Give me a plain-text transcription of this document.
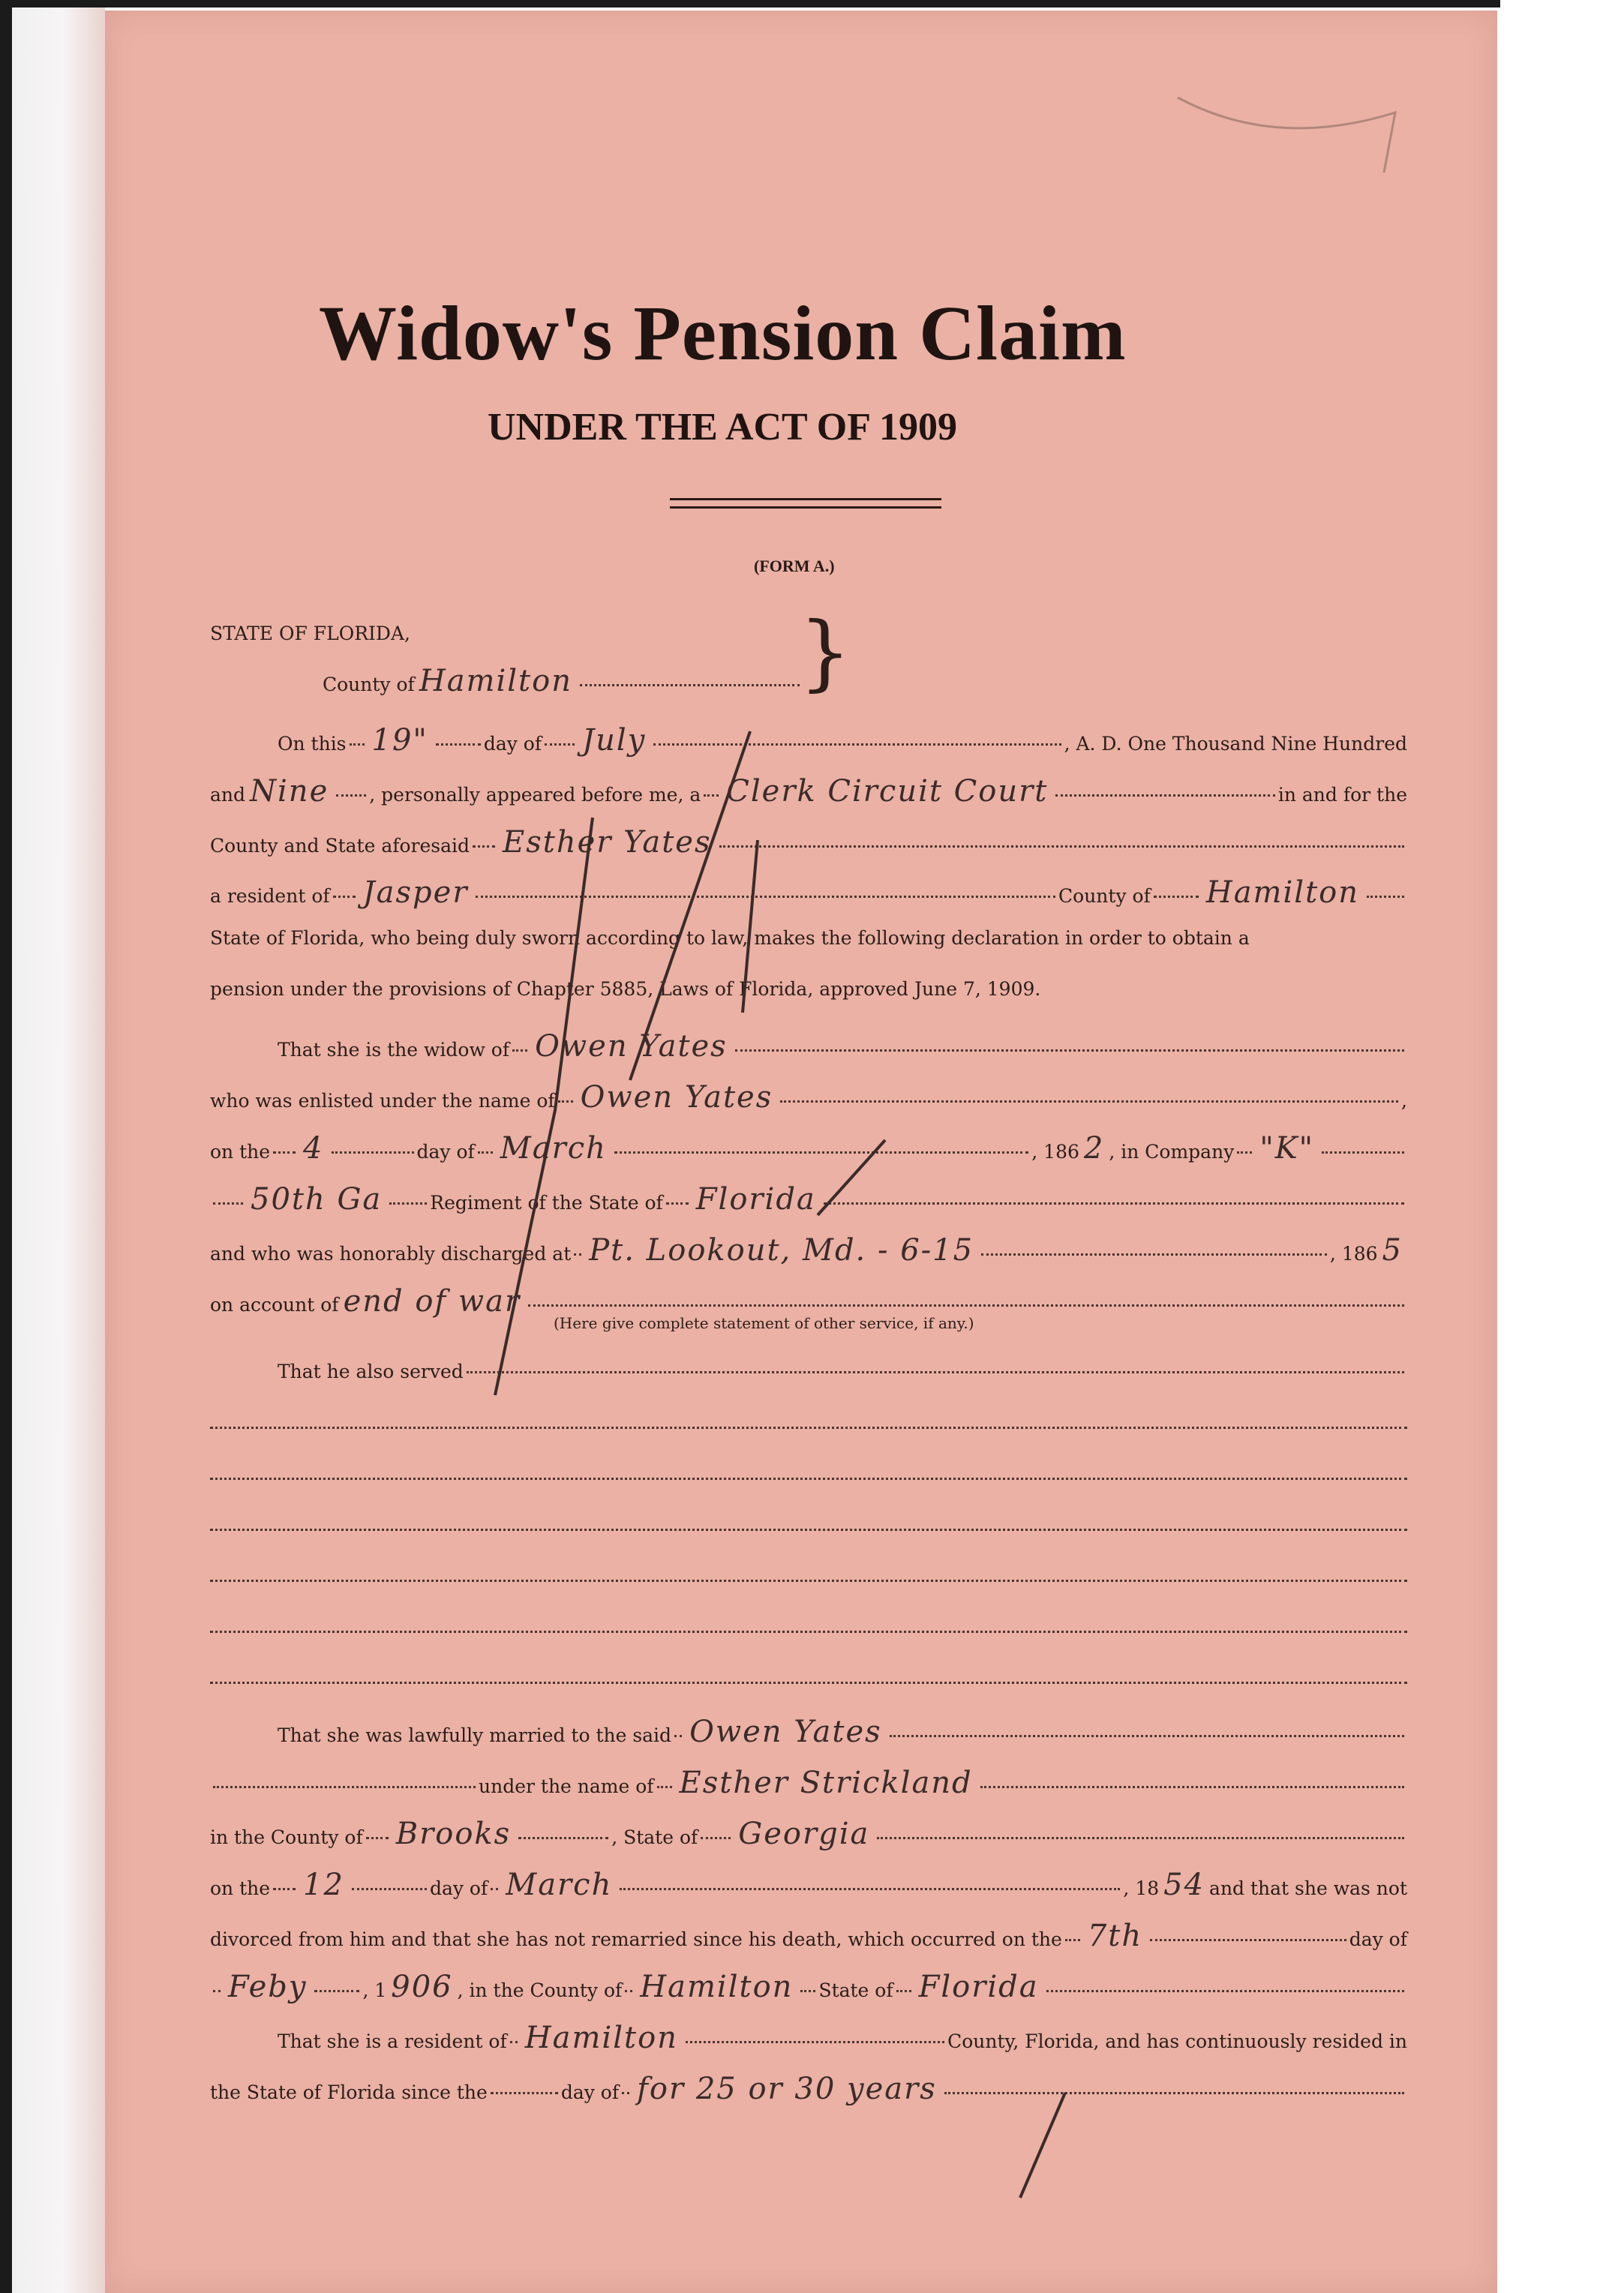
Widow's Pension Claim
UNDER THE ACT OF 1909
(FORM A.)
STATE OF FLORIDA,
County of Hamilton	}
On this 19"	day of July	, A. D. One Thousand Nine Hundred
and Nine , personally appeared before me, a Clerk Circuit Court	in and for the
County and State aforesaid Esther Yates
a resident of Jasper	County of Hamilton
State of Florida, who being duly sworn according to law, makes the following declaration in order to obtain a
pension under the provisions of Chapter 5885, Laws of Florida, approved June 7, 1909.
That she is the widow of Owen Yates
who was enlisted under the name of Owen Yates	,
on the 4	day of March	, 186 2 , in Company "K"
50th Ga	Regiment of the State of Florida
and who was honorably discharged at Pt. Lookout, Md. - 6-15	, 186 5
on account of end of war
(Here give complete statement of other service, if any.)
That he also served
That she was lawfully married to the said Owen Yates
under the name of Esther Strickland
in the County of Brooks	, State of Georgia
on the 12	day of March	, 18 54 and that she was not
divorced from him and that she has not remarried since his death, which occurred on the 7th	day of
Feby	, 1 906 , in the County of Hamilton State of Florida
That she is a resident of Hamilton	County, Florida, and has continuously resided in
the State of Florida since the	day of for 25 or 30 years
